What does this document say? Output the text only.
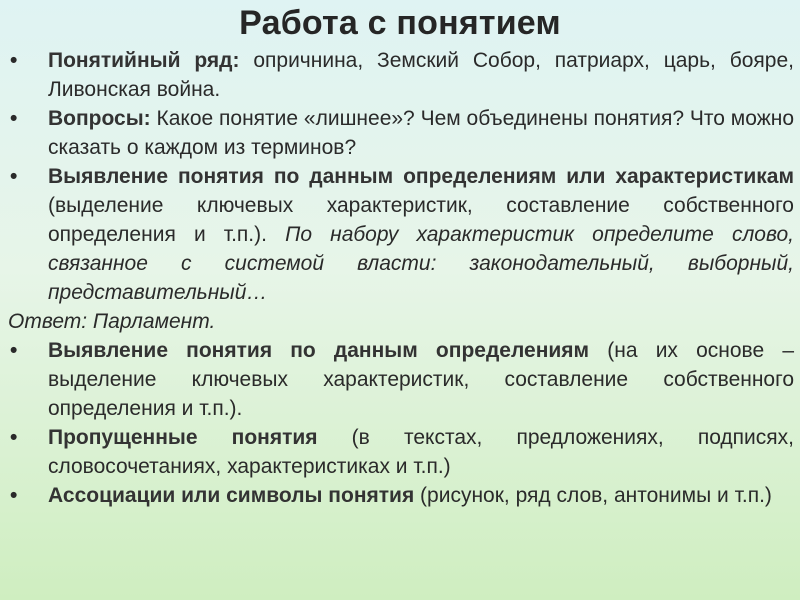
Работа с понятием

• Понятийный ряд: опричнина, Земский Собор, патриарх, царь, бояре, Ливонская война.

• Вопросы: Какое понятие «лишнее»? Чем объединены понятия? Что можно сказать о каждом из терминов?

• Выявление понятия по данным определениям или характеристикам (выделение ключевых характеристик, составление собственного определения и т.п.). По набору характеристик определите слово, связанное с системой власти: законодательный, выборный, представительный…

Ответ: Парламент.

• Выявление понятия по данным определениям (на их основе – выделение ключевых характеристик, составление собственного определения и т.п.).

• Пропущенные понятия (в текстах, предложениях, подписях, словосочетаниях, характеристиках и т.п.)

• Ассоциации или символы понятия (рисунок, ряд слов, антонимы и т.п.)
